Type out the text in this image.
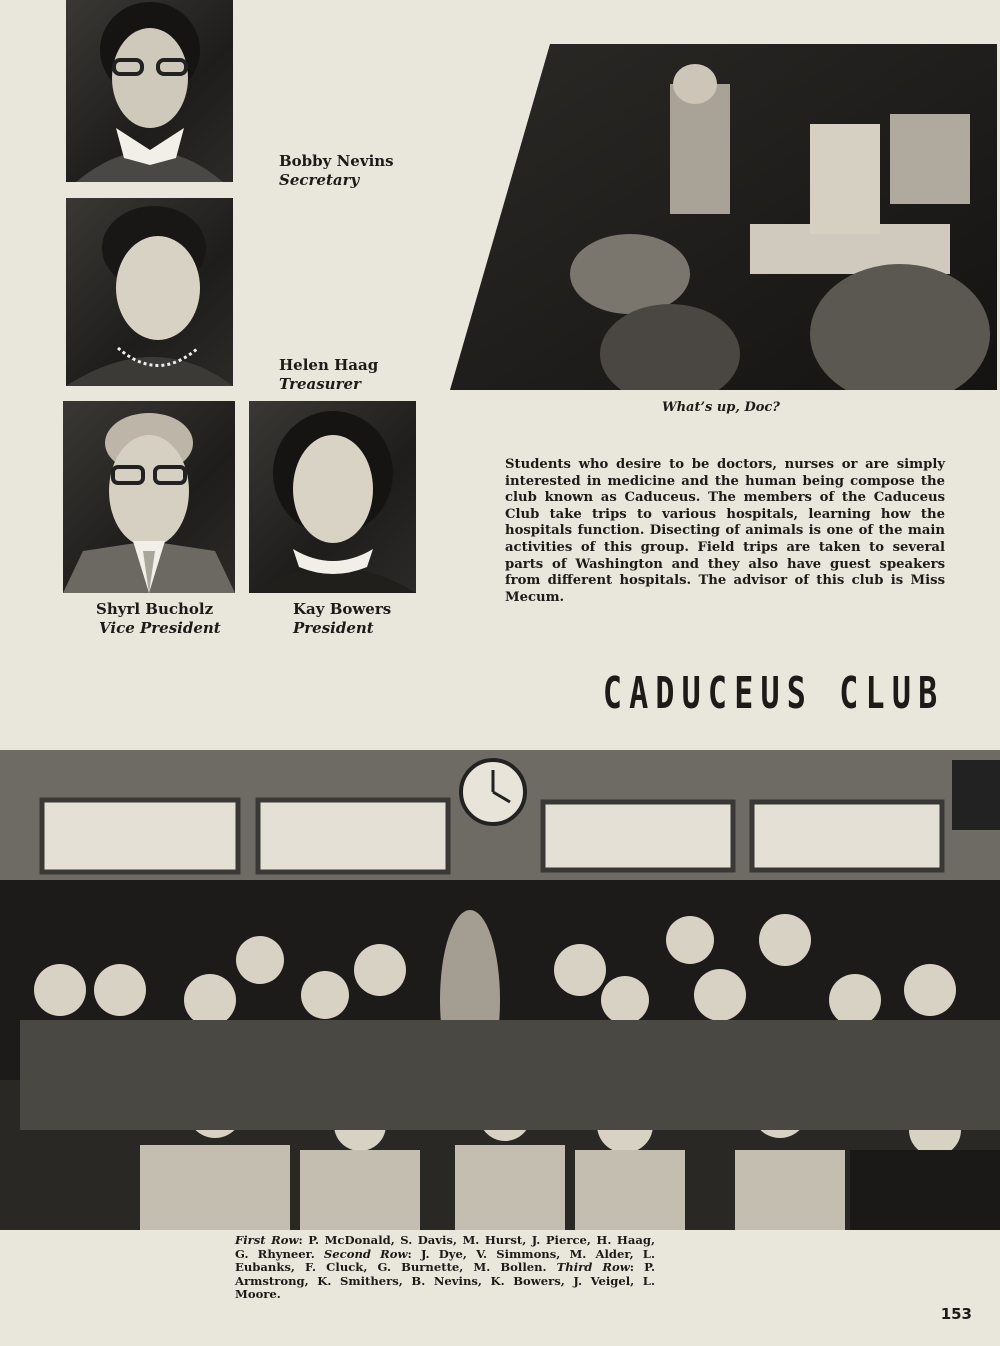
Bobby Nevins
Secretary
Helen Haag
Treasurer
Shyrl Bucholz
Vice President
Kay Bowers
President
What’s up, Doc?
Students who desire to be doctors, nurses or are simply interested in medicine and the human being compose the club known as Caduceus. The members of the Caduceus Club take trips to various hospitals, learning how the hospitals function. Disecting of animals is one of the main activities of this group. Field trips are taken to several parts of Washington and they also have guest speakers from different hospitals. The advisor of this club is Miss Mecum.
CADUCEUS CLUB
First Row: P. McDonald, S. Davis, M. Hurst, J. Pierce, H. Haag, G. Rhyneer. Second Row: J. Dye, V. Simmons, M. Alder, L. Eubanks, F. Cluck, G. Burnette, M. Bollen. Third Row: P. Armstrong, K. Smithers, B. Nevins, K. Bowers, J. Veigel, L. Moore.
153
